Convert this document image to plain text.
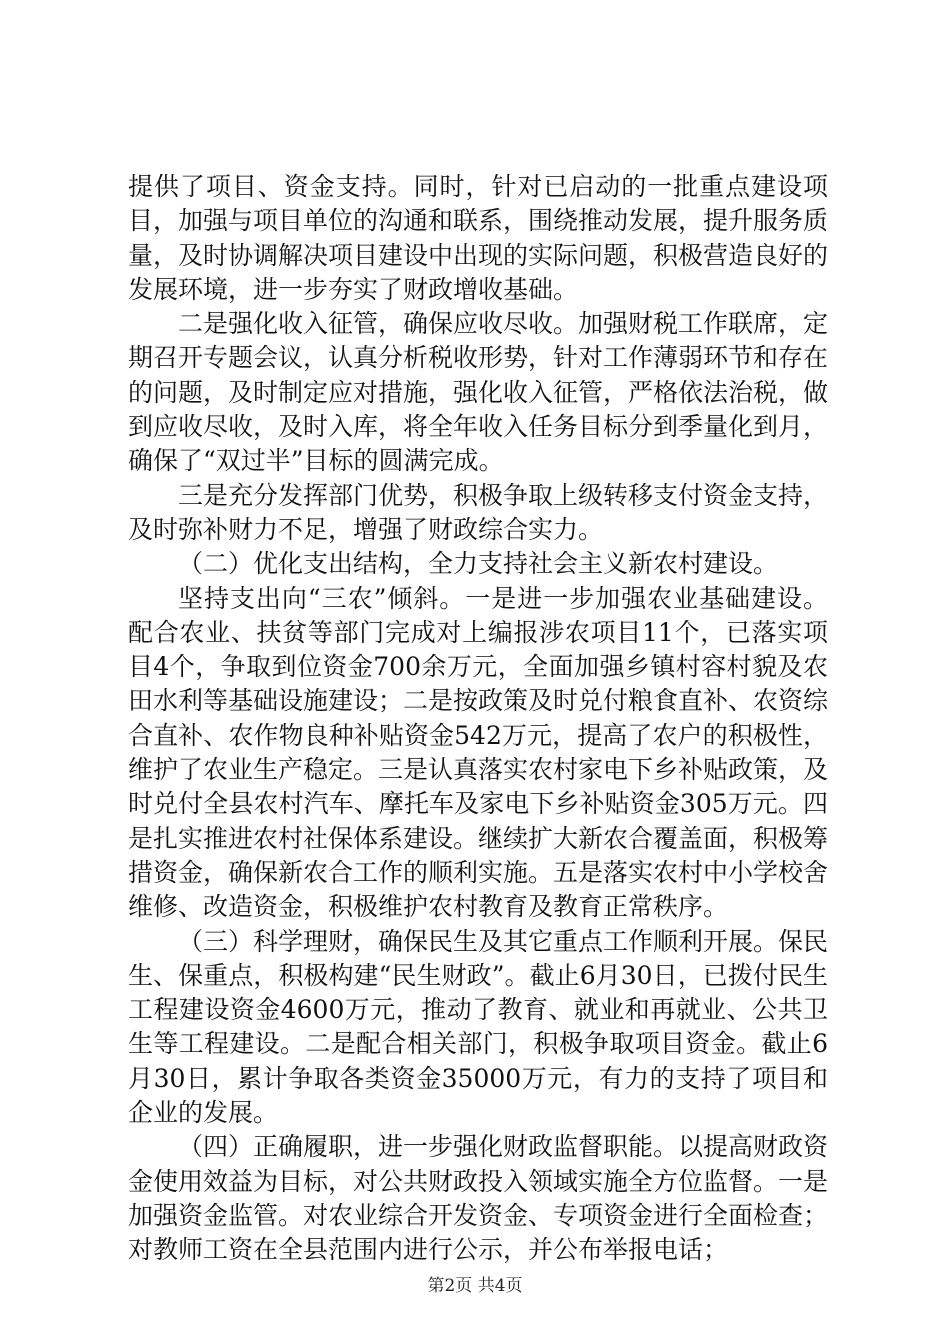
提供了项目、资金支持。同时，针对已启动的一批重点建设项目，加强与项目单位的沟通和联系，围绕推动发展，提升服务质量，及时协调解决项目建设中出现的实际问题，积极营造良好的发展环境，进一步夯实了财政增收基础。

二是强化收入征管，确保应收尽收。加强财税工作联席，定期召开专题会议，认真分析税收形势，针对工作薄弱环节和存在的问题，及时制定应对措施，强化收入征管，严格依法治税，做到应收尽收，及时入库，将全年收入任务目标分到季量化到月，确保了“双过半”目标的圆满完成。

三是充分发挥部门优势，积极争取上级转移支付资金支持，及时弥补财力不足，增强了财政综合实力。

（二）优化支出结构，全力支持社会主义新农村建设。

坚持支出向“三农”倾斜。一是进一步加强农业基础建设。配合农业、扶贫等部门完成对上编报涉农项目11个，已落实项目4个，争取到位资金700余万元，全面加强乡镇村容村貌及农田水利等基础设施建设；二是按政策及时兑付粮食直补、农资综合直补、农作物良种补贴资金542万元，提高了农户的积极性，维护了农业生产稳定。三是认真落实农村家电下乡补贴政策，及时兑付全县农村汽车、摩托车及家电下乡补贴资金305万元。四是扎实推进农村社保体系建设。继续扩大新农合覆盖面，积极筹措资金，确保新农合工作的顺利实施。五是落实农村中小学校舍维修、改造资金，积极维护农村教育及教育正常秩序。

（三）科学理财，确保民生及其它重点工作顺利开展。保民生、保重点，积极构建“民生财政”。截止6月30日，已拨付民生工程建设资金4600万元，推动了教育、就业和再就业、公共卫生等工程建设。二是配合相关部门，积极争取项目资金。截止6月30日，累计争取各类资金35000万元，有力的支持了项目和企业的发展。

（四）正确履职，进一步强化财政监督职能。以提高财政资金使用效益为目标，对公共财政投入领域实施全方位监督。一是加强资金监管。对农业综合开发资金、专项资金进行全面检查；对教师工资在全县范围内进行公示，并公布举报电话；

第2页 共4页
